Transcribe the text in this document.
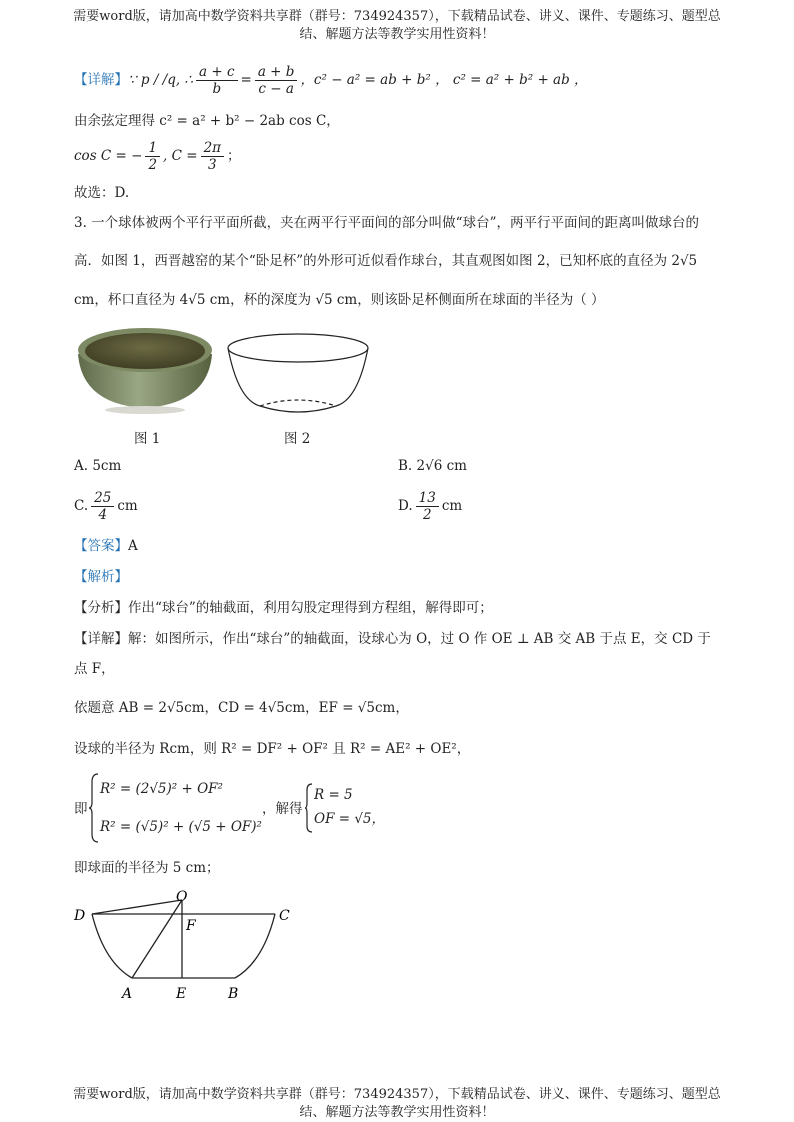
需要word版，请加高中数学资料共享群（群号：734924357），下载精品试卷、讲义、课件、专题练习、题型总
结、解题方法等教学实用性资料！
【详解】∵ p / /q, ∴ $\frac{a + c}{b} = \frac{a + b}{c - a}$ ，c² − a² = ab + b² ， c² = a² + b² + ab ，
由余弦定理得 c² = a² + b² − 2ab cos C，
cos C = − $\frac{1}{2}$ , $C = \frac{2\pi}{3}$ ；
故选：D.
3. 一个球体被两个平行平面所截，夹在两平行平面间的部分叫做“球台”，两平行平面间的距离叫做球台的
高．如图 1，西晋越窑的某个“卧足杯”的外形可近似看作球台，其直观图如图 2，已知杯底的直径为 2√5
cm，杯口直径为 4√5 cm，杯的深度为 √5 cm，则该卧足杯侧面所在球面的半径为（ ）
图 1	图 2
A. 5cm	B. 2√6 cm
C. $\frac{25}{4}$ cm	D. $\frac{13}{2}$ cm
【答案】A
【解析】
【分析】作出“球台”的轴截面，利用勾股定理得到方程组，解得即可；
【详解】解：如图所示，作出“球台”的轴截面，设球心为 O，过 O 作 OE ⊥ AB 交 AB 于点 E，交 CD 于
点 F，
依题意 AB = 2√5cm，CD = 4√5cm，EF = √5cm，
设球的半径为 Rcm，则 R² = DF² + OF² 且 R² = AE² + OE²，
即
R² = (2√5)² + OF²
R² = (√5)² + (√5 + OF)²
，解得
R = 5
OF = √5，
即球面的半径为 5 cm；
O
D	C
F
A	E	B
需要word版，请加高中数学资料共享群（群号：734924357），下载精品试卷、讲义、课件、专题练习、题型总
结、解题方法等教学实用性资料！
